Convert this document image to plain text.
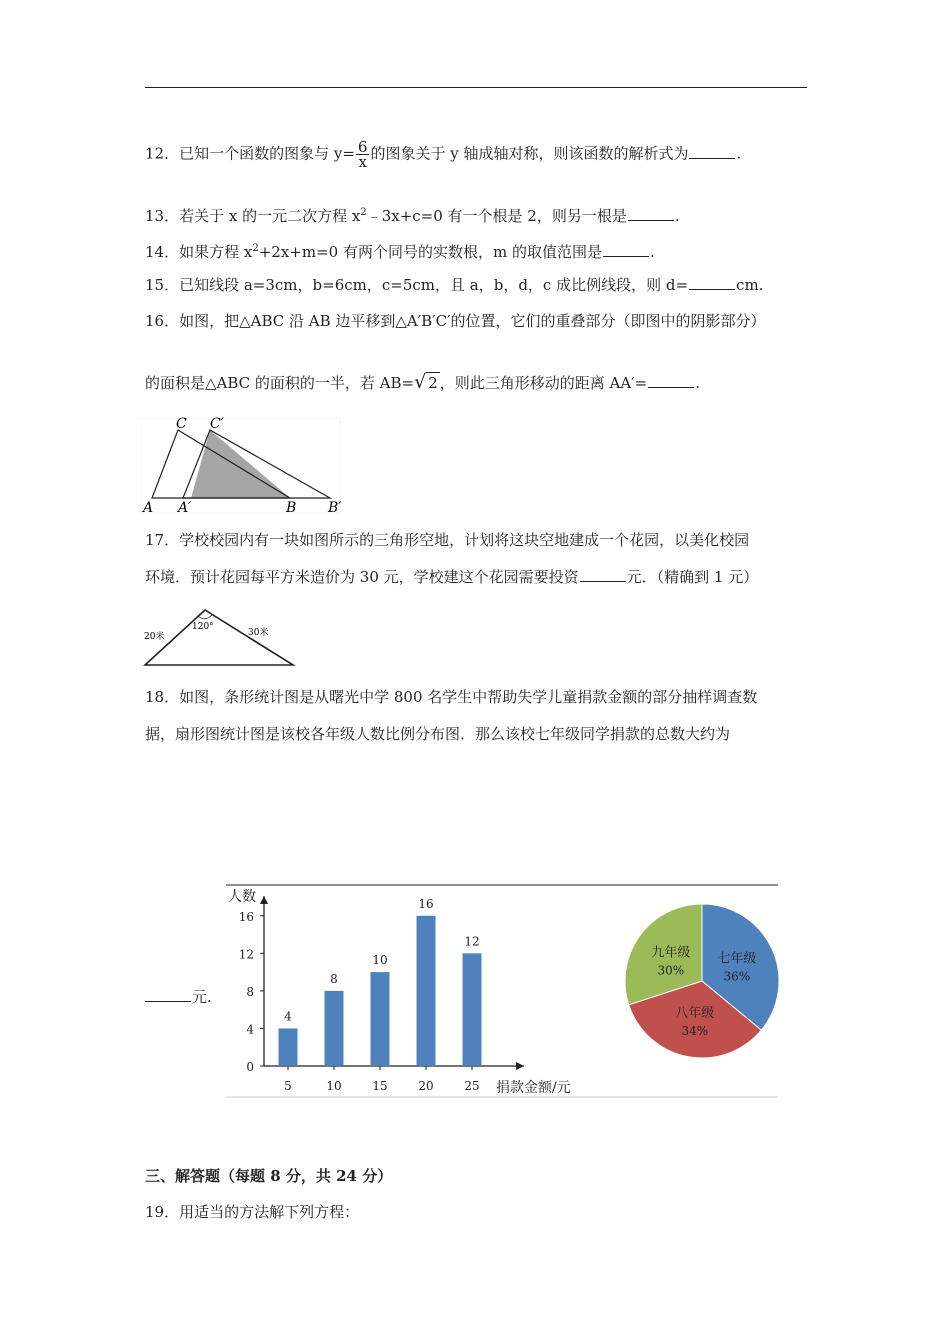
12．已知一个函数的图象与 $y= \frac{6}{x}$ 的图象关于 y 轴成轴对称，则该函数的解析式为	.
13．若关于 x 的一元二次方程 $x^2﹣3x+c=0$ 有一个根是 2，则另一根是	.
14．如果方程 $x^2+2x+m=0$ 有两个同号的实数根，m 的取值范围是	.
15．已知线段 a=3cm，b=6cm，c=5cm，且 a，b，d，c 成比例线段，则 d=	cm.
16．如图，把△ABC 沿 AB 边平移到△A′B′C′的位置，它们的重叠部分（即图中的阴影部分）
的面积是△ABC 的面积的一半，若 AB=√ 2 ，则此三角形移动的距离 AA′=	.
C C′
A A′	B B′
17．学校校园内有一块如图所示的三角形空地，计划将这块空地建成一个花园，以美化校园
环境．预计花园每平方米造价为 30 元，学校建这个花园需要投资	元．（精确到 1 元）
120°
20米	30米
18．如图，条形统计图是从曙光中学 800 名学生中帮助失学儿童捐款金额的部分抽样调查数
据，扇形图统计图是该校各年级人数比例分布图．那么该校七年级同学捐款的总数大约为
元.
人数
0
4
8
12
16
4
5
8
10
10
15
16
20
12
25 捐款金额/元
七年级
36%
八年级
34%
九年级
30%
三、解答题（每题 8 分，共 24 分）
19．用适当的方法解下列方程：
